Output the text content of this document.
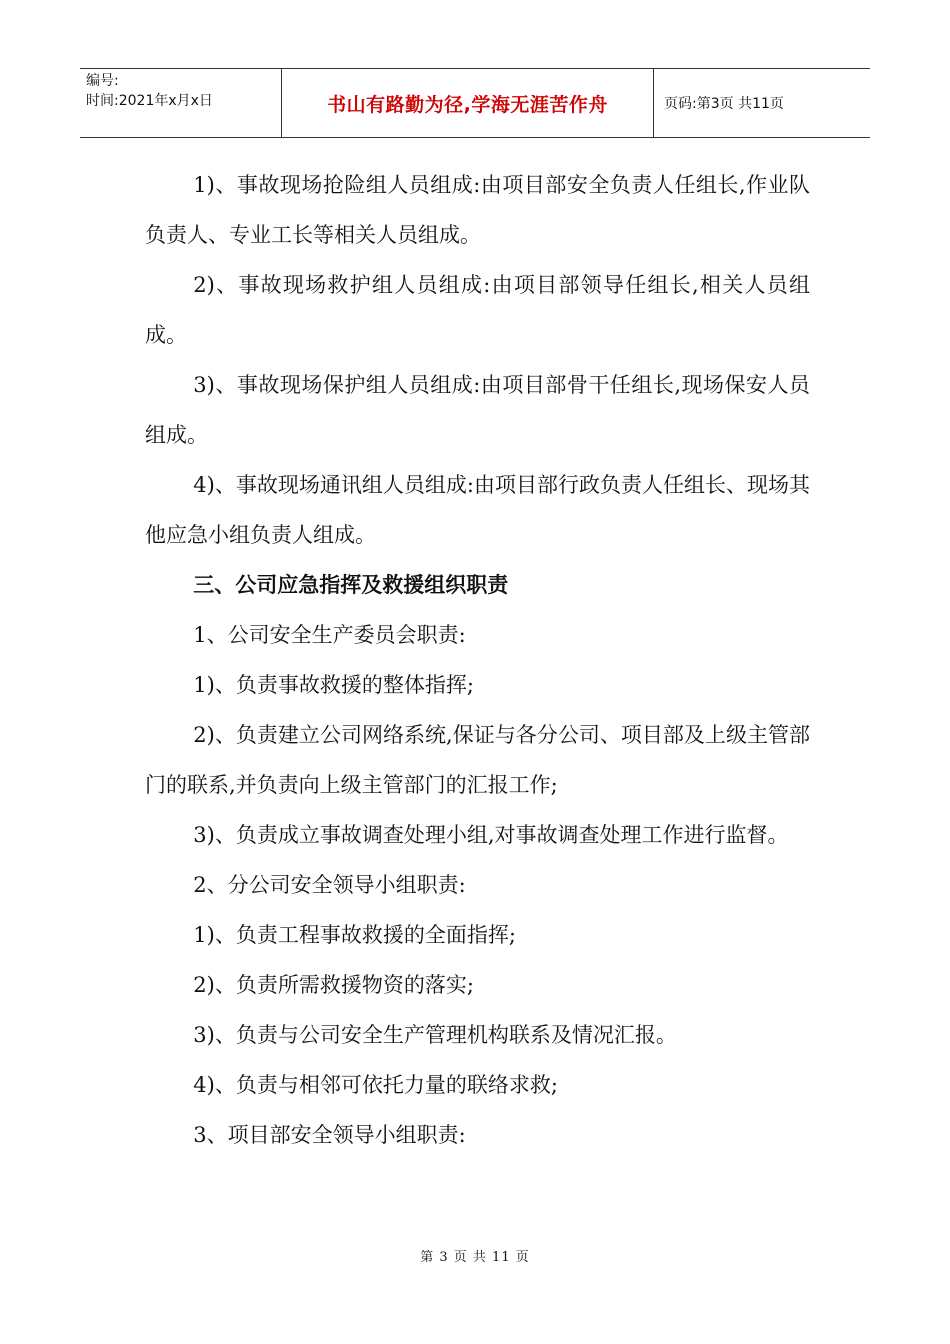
编号:
时间:2021年x月x日	书山有路勤为径,学海无涯苦作舟	页码:第3页 共11页

1)、事故现场抢险组人员组成:由项目部安全负责人任组长,作业队负责人、专业工长等相关人员组成。

2)、事故现场救护组人员组成:由项目部领导任组长,相关人员组成。

3)、事故现场保护组人员组成:由项目部骨干任组长,现场保安人员组成。

4)、事故现场通讯组人员组成:由项目部行政负责人任组长、现场其他应急小组负责人组成。

三、公司应急指挥及救援组织职责

1、公司安全生产委员会职责:

1)、负责事故救援的整体指挥;

2)、负责建立公司网络系统,保证与各分公司、项目部及上级主管部门的联系,并负责向上级主管部门的汇报工作;

3)、负责成立事故调查处理小组,对事故调查处理工作进行监督。

2、分公司安全领导小组职责:

1)、负责工程事故救援的全面指挥;

2)、负责所需救援物资的落实;

3)、负责与公司安全生产管理机构联系及情况汇报。

4)、负责与相邻可依托力量的联络求救;

3、项目部安全领导小组职责:

第 3 页 共 11 页
